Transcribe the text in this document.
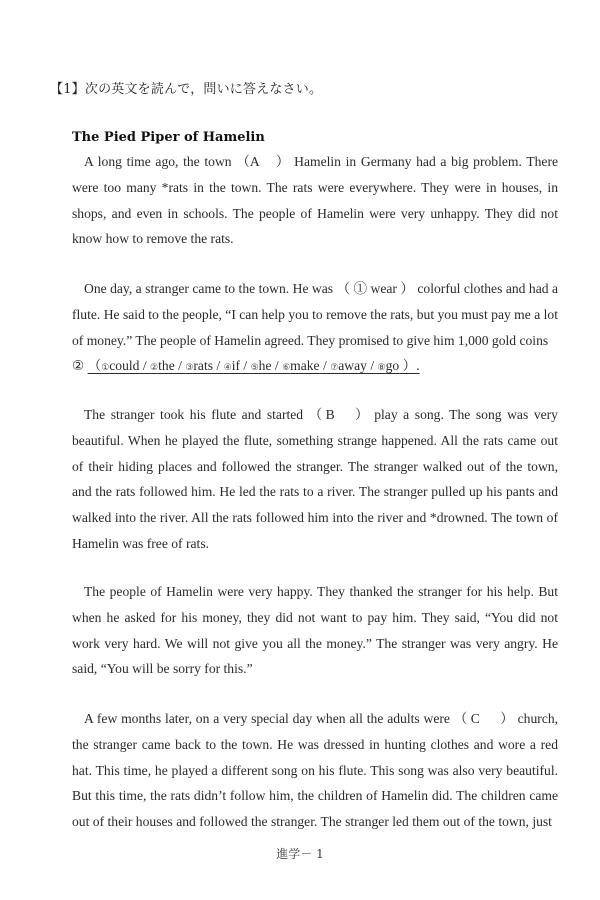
【1】次の英文を読んで，問いに答えなさい。
The Pied Piper of Hamelin
A long time ago, the town （A ） Hamelin in Germany had a big problem. There were too many *rats in the town. The rats were everywhere. They were in houses, in shops, and even in schools. The people of Hamelin were very unhappy. They did not know how to remove the rats.
One day, a stranger came to the town. He was （ ① wear ） colorful clothes and had a flute. He said to the people, “I can help you to remove the rats, but you must pay me a lot of money.” The people of Hamelin agreed. They promised to give him 1,000 gold coins
② （①could / ②the / ③rats / ④if / ⑤he / ⑥make / ⑦away / ⑧go ）.
The stranger took his flute and started （ B ） play a song. The song was very beautiful. When he played the flute, something strange happened. All the rats came out of their hiding places and followed the stranger. The stranger walked out of the town, and the rats followed him. He led the rats to a river. The stranger pulled up his pants and walked into the river. All the rats followed him into the river and *drowned. The town of Hamelin was free of rats.
The people of Hamelin were very happy. They thanked the stranger for his help. But when he asked for his money, they did not want to pay him. They said, “You did not work very hard. We will not give you all the money.” The stranger was very angry. He said, “You will be sorry for this.”
A few months later, on a very special day when all the adults were （ C ） church, the stranger came back to the town. He was dressed in hunting clothes and wore a red hat. This time, he played a different song on his flute. This song was also very beautiful. But this time, the rats didn’t follow him, the children of Hamelin did. The children came out of their houses and followed the stranger. The stranger led them out of the town, just
進学－ 1
